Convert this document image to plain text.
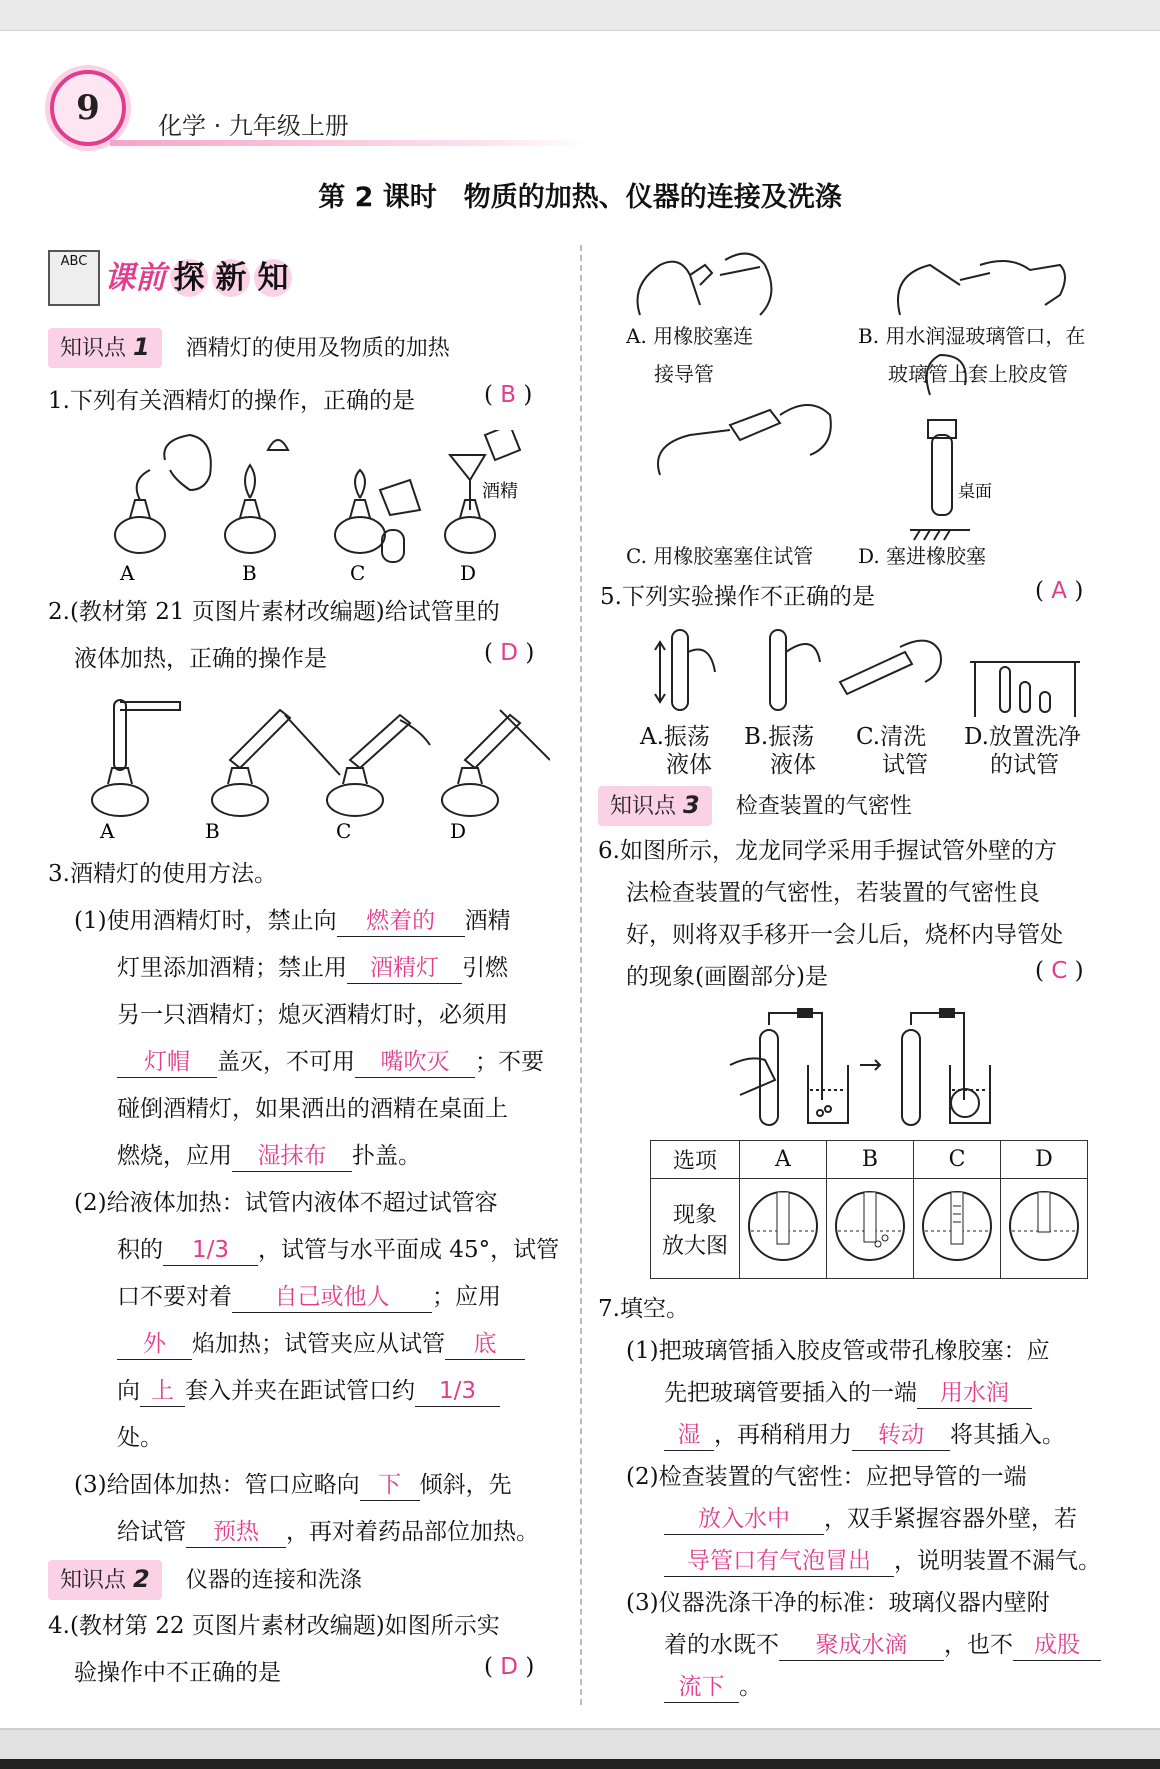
9	化学 · 九年级上册
第 2 课时　物质的加热、仪器的连接及洗涤
ABC 课前 探 新 知
知识点 1 酒精灯的使用及物质的加热
1.下列有关酒精灯的操作，正确的是	( B )
A	B	C	D
酒精
2.(教材第 21 页图片素材改编题)给试管里的
液体加热，正确的操作是	( D )
A	B	C	D
3.酒精灯的使用方法。
(1)使用酒精灯时，禁止向 燃着的 酒精
灯里添加酒精；禁止用 酒精灯 引燃
另一只酒精灯；熄灭酒精灯时，必须用
灯帽 盖灭，不可用 嘴吹灭 ；不要
碰倒酒精灯，如果洒出的酒精在桌面上
燃烧，应用 湿抹布 扑盖。
(2)给液体加热：试管内液体不超过试管容
积的 1/3 ，试管与水平面成 45°，试管
口不要对着 自己或他人 ；应用
外 焰加热；试管夹应从试管 底
向 上 套入并夹在距试管口约 1/3
处。
(3)给固体加热：管口应略向 下 倾斜，先
给试管 预热 ，再对着药品部位加热。
知识点 2 仪器的连接和洗涤
4.(教材第 22 页图片素材改编题)如图所示实
验操作中不正确的是	( D )
桌面
A. 用橡胶塞连
接导管
B. 用水润湿玻璃管口，在
玻璃管上套上胶皮管
C. 用橡胶塞塞住试管 D. 塞进橡胶塞
5.下列实验操作不正确的是	( A )
A.振荡
液体
B.振荡
液体
C.清洗
试管
D.放置洗净
的试管
知识点 3 检查装置的气密性
6.如图所示，龙龙同学采用手握试管外壁的方
法检查装置的气密性，若装置的气密性良
好，则将双手移开一会儿后，烧杯内导管处
的现象(画圈部分)是	( C )
选项	A	B	C	D

现象
放大图

7.填空。
(1)把玻璃管插入胶皮管或带孔橡胶塞：应
先把玻璃管要插入的一端 用水润
湿 ，再稍稍用力 转动 将其插入。
(2)检查装置的气密性：应把导管的一端
放入水中 ，双手紧握容器外壁，若
导管口有气泡冒出 ，说明装置不漏气。
(3)仪器洗涤干净的标准：玻璃仪器内壁附
着的水既不 聚成水滴 ，也不 成股
流下 。
